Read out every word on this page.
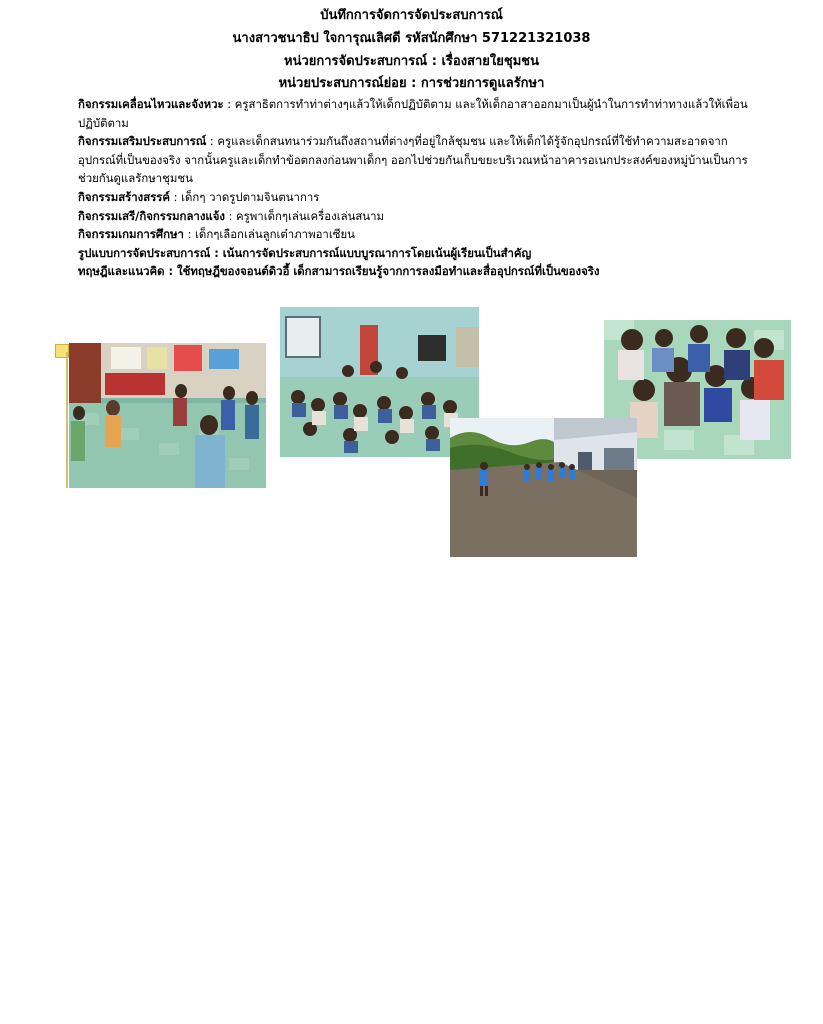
บันทึกการจัดการจัดประสบการณ์
นางสาวชนาธิป ใจการุณเลิศดี รหัสนักศึกษา 571221321038
หน่วยการจัดประสบการณ์ : เรื่องสายใยชุมชน
หน่วยประสบการณ์ย่อย : การช่วยการดูแลรักษา

กิจกรรมเคลื่อนไหวและจังหวะ : ครูสาธิตการทำท่าต่างๆแล้วให้เด็กปฏิบัติตาม และให้เด็กอาสาออกมาเป็นผู้นำในการทำท่าทางแล้วให้เพื่อนปฏิบัติตาม

กิจกรรมเสริมประสบการณ์ : ครูและเด็กสนทนาร่วมกันถึงสถานที่ต่างๆที่อยู่ใกล้ชุมชน และให้เด็กได้รู้จักอุปกรณ์ที่ใช้ทำความสะอาดจากอุปกรณ์ที่เป็นของจริง จากนั้นครูและเด็กทำข้อตกลงก่อนพาเด็กๆ ออกไปช่วยกันเก็บขยะบริเวณหน้าอาคารอเนกประสงค์ของหมู่บ้านเป็นการช่วยกันดูแลรักษาชุมชน

กิจกรรมสร้างสรรค์ : เด็กๆ วาดรูปตามจินตนาการ

กิจกรรมเสรี/กิจกรรมกลางแจ้ง : ครูพาเด็กๆเล่นเครื่องเล่นสนาม

กิจกรรมเกมการศึกษา : เด็กๆเลือกเล่นลูกเต๋าภาพอาเซียน

รูปแบบการจัดประสบการณ์ : เน้นการจัดประสบการณ์แบบบูรณาการโดยเน้นผู้เรียนเป็นสำคัญ

ทฤษฎีและแนวคิด : ใช้ทฤษฎีของจอนต์ดิวอี้ เด็กสามารถเรียนรู้จากการลงมือทำและสื่ออุปกรณ์ที่เป็นของจริง
